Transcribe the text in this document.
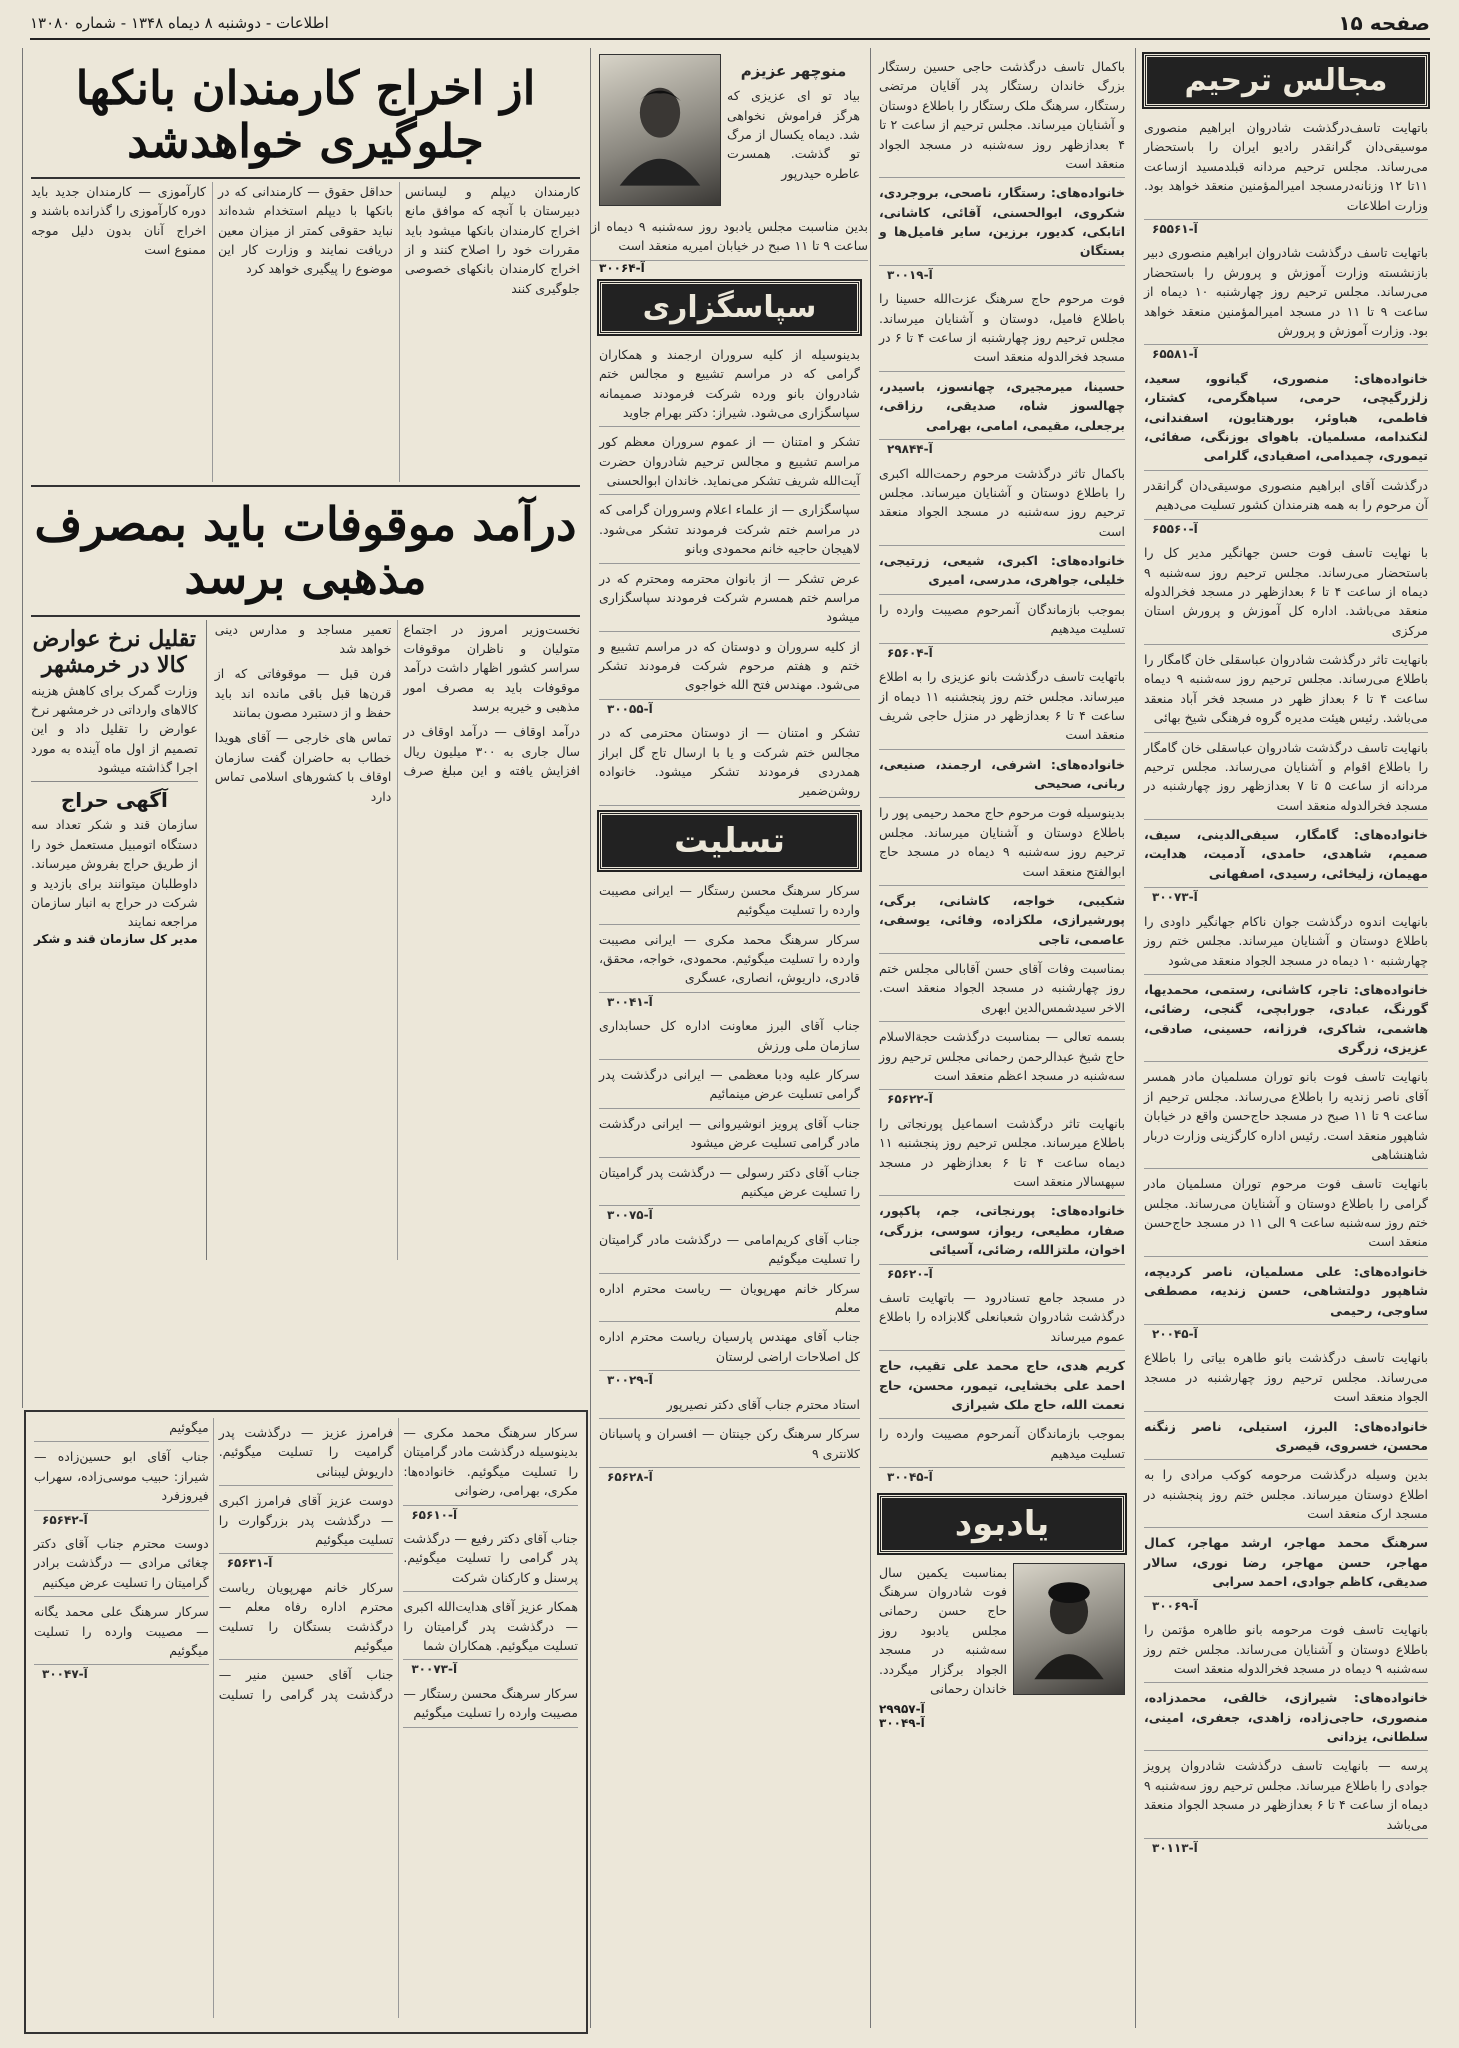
اطلاعات - دوشنبه ۸ دیماه ۱۳۴۸ - شماره ۱۳۰۸۰	صفحه ۱۵
مجالس ترحیم
باتهایت تاسف‌درگذشت شادروان ابراهیم منصوری موسیقی‌دان گرانقدر رادیو ایران را باستحضار می‌رساند. مجلس ترحیم مردانه قبلدمسید ازساعت ۱۱تا ۱۲ وزنانه‌درمسجد امیرالمؤمنین منعقد خواهد بود. وزارت اطلاعات
آ-۶۵۵۶۱
باتهایت تاسف‌ درگذشت شادروان ابراهیم منصوری دبیر بازنشسته وزارت آموزش و پرورش را باستحضار می‌رساند. مجلس ترحیم روز چهارشنبه ۱۰ دیماه از ساعت ۹ تا ۱۱ در مسجد امیرالمؤمنین منعقد خواهد بود. وزارت آموزش و پرورش
آ-۶۵۵۸۱
خانواده‌های: منصوری، گیانوو، سعید، زلزرگیچی، حرمی، سپاهگرمی، کشتار، فاطمی، هباوئر، بورهتایون، اسفندانی، لنکندامه، مسلمیان. باهوای بوزنگی، صفائی، تیموری، چمیدامی، اصفیادی، گلرامی
درگذشت آقای ابراهیم منصوری موسیقی‌دان گرانقدر آن مرحوم را به همه هنرمندان کشور تسلیت می‌دهیم
آ-۶۵۵۶۰
با نهایت تاسف فوت حسن جهانگیر مدیر کل را باستحضار می‌رساند. مجلس ترحیم روز سه‌شنبه ۹ دیماه از ساعت ۴ تا ۶ بعدازظهر در مسجد فخرالدوله منعقد می‌باشد. اداره کل آموزش و پرورش استان مرکزی
بانهایت تاثر درگذشت شادروان عباسقلی خان گامگار را باطلاع می‌رساند. مجلس ترحیم روز سه‌شنبه ۹ دیماه ساعت ۴ تا ۶ بعداز ظهر در مسجد فخر آباد منعقد می‌باشد. رئیس هیئت مدیره گروه فرهنگی شیخ بهائی
بانهایت تاسف درگذشت شادروان عباسقلی خان گامگار را باطلاع اقوام و آشنایان می‌رساند. مجلس ترحیم مردانه از ساعت ۵ تا ۷ بعدازظهر روز چهارشنبه در مسجد فخرالدوله منعقد است
خانواده‌های: گامگار، سیفی‌الدینی، سیف، صمیم، شاهدی، حامدی، آدمیت، هدایت، مهیمان، زلیخائی، رسیدی، اصفهانی
آ-۳۰۰۷۳
بانهایت اندوه درگذشت جوان ناکام جهانگیر داودی را باطلاع دوستان و آشنایان میرساند. مجلس ختم روز چهارشنبه ۱۰ دیماه در مسجد الجواد منعقد می‌شود
خانواده‌های: تاجر، کاشانی، رستمی، محمدیها، گورنگ، عبادی، جورابچی، گنجی، رضائی، هاشمی، شاکری، فرزانه، حسینی، صادقی، عزیزی، زرگری
بانهایت تاسف فوت بانو توران مسلمیان مادر همسر آقای ناصر زندیه را باطلاع می‌رساند. مجلس ترحیم از ساعت ۹ تا ۱۱ صبح در مسجد حاج‌حسن واقع در خیابان شاهپور منعقد است. رئیس اداره کارگزینی وزارت دربار شاهنشاهی
بانهایت تاسف فوت مرحوم توران مسلمیان مادر گرامی را باطلاع دوستان و آشنایان می‌رساند. مجلس ختم روز سه‌شنبه ساعت ۹ الی ۱۱ در مسجد حاج‌حسن منعقد است
خانواده‌های: علی مسلمیان، ناصر کردیچه، شاهپور دولتشاهی، حسن زندیه، مصطفی ساوجی، رحیمی
آ-۲۰۰۴۵
بانهایت تاسف درگذشت بانو طاهره بیاتی را باطلاع می‌رساند. مجلس ترحیم روز چهارشنبه در مسجد الجواد منعقد است
خانواده‌های: البرز، استیلی، ناصر زنگنه محسن، خسروی، قیصری
بدین وسیله درگذشت مرحومه کوکب مرادی را به اطلاع دوستان میرساند. مجلس ختم روز پنجشنبه در مسجد ارک منعقد است
سرهنگ محمد مهاجر، ارشد مهاجر، کمال مهاجر، حسن مهاجر، رضا نوری، سالار صدیقی، کاظم جوادی، احمد سرابی
آ-۳۰۰۶۹
بانهایت تاسف فوت مرحومه بانو طاهره مؤتمن را باطلاع دوستان و آشنایان می‌رساند. مجلس ختم روز سه‌شنبه ۹ دیماه در مسجد فخرالدوله منعقد است
خانواده‌های: شیرازی، خالقی، محمدزاده، منصوری، حاجی‌زاده، زاهدی، جعفری، امینی، سلطانی، یزدانی
پرسه — بانهایت تاسف درگذشت شادروان پرویز جوادی را باطلاع میرساند. مجلس ترحیم روز سه‌شنبه ۹ دیماه از ساعت ۴ تا ۶ بعدازظهر در مسجد الجواد منعقد می‌باشد
آ-۳۰۱۱۳
باکمال تاسف درگذشت حاجی حسین رستگار بزرگ خاندان رستگار پدر آقایان مرتضی رستگار، سرهنگ ملک رستگار را باطلاع دوستان و آشنایان میرساند. مجلس ترحیم از ساعت ۲ تا ۴ بعدازظهر روز سه‌شنبه در مسجد الجواد منعقد است
خانواده‌های: رستگار، ناصحی، بروجردی، شکروی، ابوالحسنی، آقائی، کاشانی، اتابکی، کدیور، برزین، سایر فامیل‌ها و بستگان
آ-۳۰۰۱۹
فوت مرحوم حاج سرهنگ عزت‌الله حسینا را باطلاع فامیل، دوستان و آشنایان میرساند. مجلس ترحیم روز چهارشنبه از ساعت ۴ تا ۶ در مسجد فخرالدوله منعقد است
حسینا، میرمجیری، چهانسوز، باسیدر، چهالسوز شاه، صدیقی، رزاقی، برجعلی، مقیمی، امامی، بهرامی
آ-۲۹۸۴۴
باکمال تاثر درگذشت مرحوم رحمت‌الله اکبری را باطلاع دوستان و آشنایان میرساند. مجلس ترحیم روز سه‌شنبه در مسجد الجواد منعقد است
خانواده‌های: اکبری، شیعی، زرتیجی، خلیلی، جواهری، مدرسی، امیری
بموجب بازماندگان آنمرحوم مصیبت وارده را تسلیت میدهیم
آ-۶۵۶۰۴
باتهایت تاسف درگذشت بانو عزیزی را به اطلاع میرساند. مجلس ختم روز پنجشنبه ۱۱ دیماه از ساعت ۴ تا ۶ بعدازظهر در منزل حاجی شریف منعقد است
خانواده‌های: اشرفی، ارجمند، صنیعی، ربانی، صحیحی
بدینوسیله فوت مرحوم حاج محمد رحیمی پور را باطلاع دوستان و آشنایان میرساند. مجلس ترحیم روز سه‌شنبه ۹ دیماه در مسجد حاج ابوالفتح منعقد است
شکیبی، خواجه، کاشانی، برگی، پورشیرازی، ملکزاده، وفائی، یوسفی، عاصمی، تاجی
بمناسبت وفات آقای حسن آقابالی مجلس ختم روز چهارشنبه در مسجد الجواد منعقد است. الاخر سیدشمس‌الدین ابهری
بسمه تعالی — بمناسبت درگذشت حجة‌الاسلام حاج شیخ عبدالرحمن رحمانی مجلس ترحیم روز سه‌شنبه در مسجد اعظم منعقد است
آ-۶۵۶۲۲
بانهایت تاثر درگذشت اسماعیل پورنجاتی را باطلاع میرساند. مجلس ترحیم روز پنجشنبه ۱۱ دیماه ساعت ۴ تا ۶ بعدازظهر در مسجد سپهسالار منعقد است
خانواده‌های: پورنجاتی، جم، پاکپور، صفار، مطیعی، ریواز، سوسی، بزرگی، اخوان، ملتزالله، رضائی، آسیائی
آ-۶۵۶۲۰
در مسجد جامع تسنادرود — باتهایت تاسف درگذشت شادروان شعبانعلی گلابزاده را باطلاع عموم میرساند
کریم هدی، حاج محمد علی تقیب، حاج احمد علی بخشایی، تیمور، محسن، حاج نعمت الله، حاج ملک شیرازی
بموجب بازماندگان آنمرحوم مصیبت وارده را تسلیت میدهیم
آ-۳۰۰۴۵
یادبود
بمناسبت یکمین سال فوت شادروان سرهنگ حاج حسن رحمانی مجلس یادبود روز سه‌شنبه در مسجد الجواد برگزار میگردد. خاندان رحمانی
آ-۲۹۹۵۷
آ-۳۰۰۴۹
منوچهر عزیزم
بیاد تو ای عزیزی که هرگز فراموش نخواهی شد. دیماه یکسال از مرگ تو گذشت. همسرت عاطره حیدرپور
بدین مناسبت مجلس یادبود روز سه‌شنبه ۹ دیماه از ساعت ۹ تا ۱۱ صبح در خیابان امیریه منعقد است
آ-۳۰۰۶۴
سپاسگزاری
بدینوسیله از کلیه سروران ارجمند و همکاران گرامی که در مراسم تشییع و مجالس ختم شادروان بانو ورده شرکت فرمودند صمیمانه سپاسگزاری می‌شود. شیراز: دکتر بهرام جاوید
تشکر و امتنان — از عموم سروران معظم کور مراسم تشییع و مجالس ترحیم شادروان حضرت آیت‌الله شریف تشکر می‌نماید. خاندان ابوالحسنی
سپاسگزاری — از علماء اعلام وسروران گرامی که در مراسم ختم شرکت فرمودند تشکر می‌شود. لاهیجان حاجیه خانم محمودی وبانو
عرض تشکر — از بانوان محترمه ومحترم که در مراسم ختم همسرم شرکت فرمودند سپاسگزاری میشود
از کلیه سروران و دوستان که در مراسم تشییع و ختم و هفتم مرحوم شرکت فرمودند تشکر می‌شود. مهندس فتح الله خواجوی
آ-۳۰۰۵۵
تشکر و امتنان — از دوستان محترمی که در مجالس ختم شرکت و یا با ارسال تاج گل ابراز همدردی فرمودند تشکر میشود. خانواده روشن‌ضمیر
تسلیت
سرکار سرهنگ محسن رستگار — ایرانی مصیبت وارده را تسلیت میگوئیم
سرکار سرهنگ محمد مکری — ایرانی مصیبت وارده را تسلیت میگوئیم. محمودی، خواجه، محقق، قادری، داریوش، انصاری، عسگری
آ-۳۰۰۴۱
جناب آقای البرز معاونت اداره کل حسابداری سازمان ملی ورزش
سرکار علیه ودبا معظمی — ایرانی درگذشت پدر گرامی تسلیت عرض مینمائیم
جناب آقای پرویز انوشیروانی — ایرانی درگذشت مادر گرامی تسلیت عرض میشود
جناب آقای دکتر رسولی — درگذشت پدر گرامیتان را تسلیت عرض میکنیم
آ-۳۰۰۷۵
جناب آقای کریم‌امامی — درگذشت مادر گرامیتان را تسلیت میگوئیم
سرکار خانم مهرپویان — ریاست محترم اداره معلم
جناب آقای مهندس پارسیان ریاست محترم اداره کل اصلاحات اراضی لرستان
آ-۳۰۰۲۹
استاد محترم جناب آقای دکتر نصیرپور
سرکار سرهنگ رکن جینتان — افسران و پاسبانان کلانتری ۹
آ-۶۵۶۲۸
از اخراج کارمندان بانکها جلوگیری خواهدشد

کارمندان دیپلم و لیسانس دبیرستان با آنچه که موافق مانع اخراج کارمندان بانکها میشود باید مقررات خود را اصلاح کنند و از اخراج کارمندان بانکهای خصوصی جلوگیری کنند

حداقل حقوق — کارمندانی که در بانکها با دیپلم استخدام شده‌اند نباید حقوقی کمتر از میزان معین دریافت نمایند و وزارت کار این موضوع را پیگیری خواهد کرد

کارآموزی — کارمندان جدید باید دوره کارآموزی را گذرانده باشند و اخراج آنان بدون دلیل موجه ممنوع است

درآمد موقوفات باید بمصرف مذهبی برسد

نخست‌وزیر امروز در اجتماع متولیان و ناظران موقوفات سراسر کشور اظهار داشت درآمد موقوفات باید به مصرف امور مذهبی و خیریه برسد

درآمد اوقاف — درآمد اوقاف در سال جاری به ۳۰۰ میلیون ریال افزایش یافته و این مبلغ صرف تعمیر مساجد و مدارس دینی خواهد شد

فرن قبل — موقوفاتی که از قرن‌ها قبل باقی مانده اند باید حفظ و از دستبرد مصون بمانند

تماس های خارجی — آقای هویدا خطاب به حاضران گفت سازمان اوقاف با کشورهای اسلامی تماس دارد

تقلیل نرخ عوارض کالا در خرمشهر
وزارت گمرک برای کاهش هزینه کالاهای وارداتی در خرمشهر نرخ عوارض را تقلیل داد و این تصمیم از اول ماه آینده به مورد اجرا گذاشته میشود
آگهی حراج
سازمان قند و شکر تعداد سه دستگاه اتومبیل مستعمل خود را از طریق حراج بفروش میرساند. داوطلبان میتوانند برای بازدید و شرکت در حراج به انبار سازمان مراجعه نمایند
مدیر کل سازمان قند و شکر
سرکار سرهنگ محمد مکری — بدینوسیله درگذشت مادر گرامیتان را تسلیت میگوئیم. خانواده‌ها: مکری، بهرامی، رضوانی
آ-۶۵۶۱۰
جناب آقای دکتر رفیع — درگذشت پدر گرامی را تسلیت میگوئیم. پرسنل و کارکنان شرکت
همکار عزیز آقای هدایت‌الله اکبری — درگذشت پدر گرامیتان را تسلیت میگوئیم. همکاران شما
آ-۳۰۰۷۳
سرکار سرهنگ محسن رستگار — مصیبت وارده را تسلیت میگوئیم
فرامرز عزیز — درگذشت پدر گرامیت را تسلیت میگوئیم. داریوش لیبنانی
دوست عزیز آقای فرامرز اکبری — درگذشت پدر بزرگوارت را تسلیت میگوئیم
آ-۶۵۶۳۱
سرکار خانم مهرپویان ریاست محترم اداره رفاه معلم — درگذشت بستگان را تسلیت میگوئیم
جناب آقای حسین منیر — درگذشت پدر گرامی را تسلیت میگوئیم
جناب آقای ابو حسین‌زاده — شیراز: حبیب موسی‌زاده، سهراب فیروزفرد
آ-۶۵۶۴۲
دوست محترم جناب آقای دکتر چغائی مرادی — درگذشت برادر گرامیتان را تسلیت عرض میکنیم
سرکار سرهنگ علی محمد یگانه — مصیبت وارده را تسلیت میگوئیم
آ-۳۰۰۴۷
